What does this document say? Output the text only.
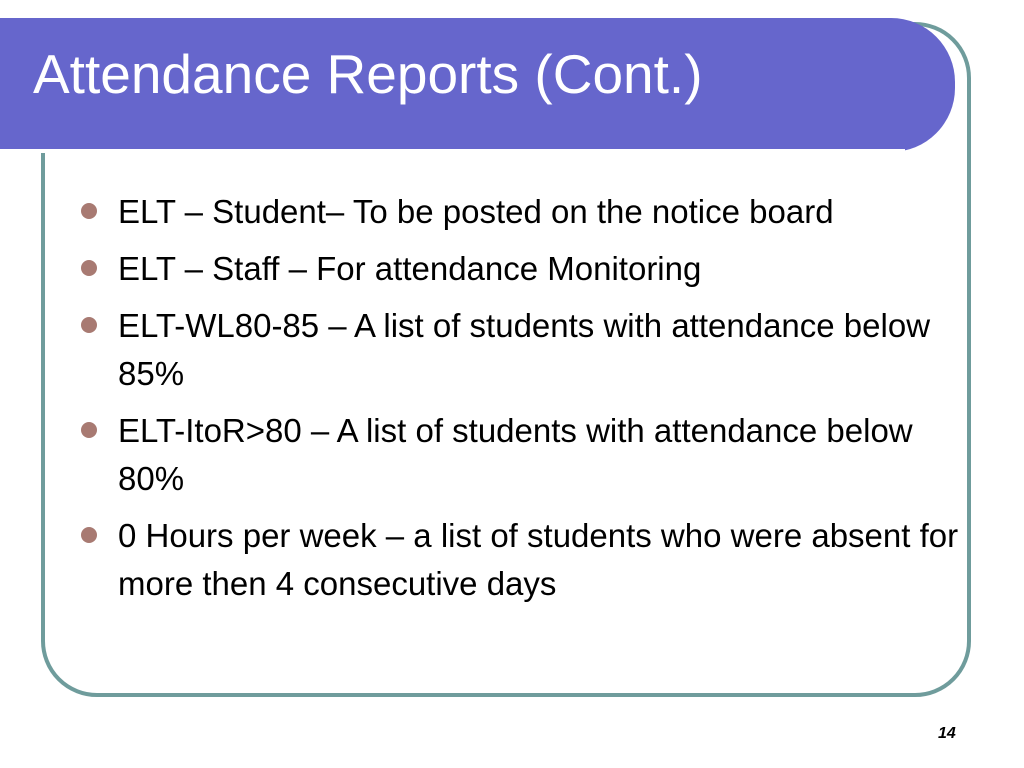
Attendance Reports (Cont.)
ELT – Student– To be posted on the notice board
ELT – Staff – For attendance Monitoring
ELT-WL80-85 – A list of students with attendance below 85%
ELT-ItoR>80 – A list of students with attendance below 80%
0 Hours per week – a list of students who were absent for more then 4 consecutive days
14
